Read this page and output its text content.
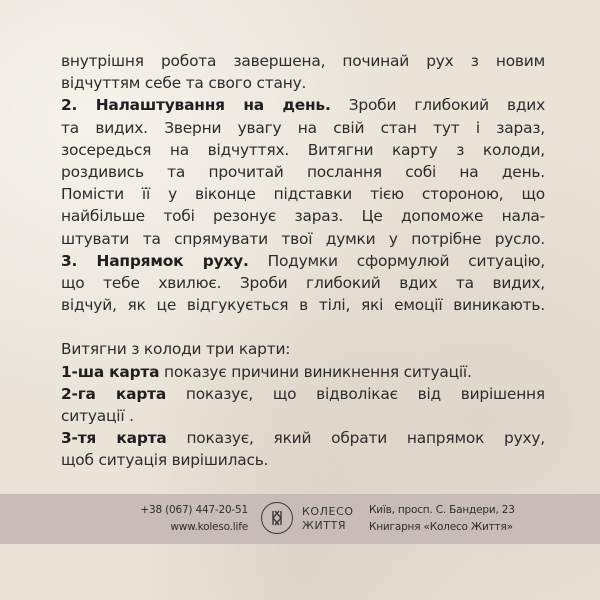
внутрішня робота завершена, починай рух з новим
відчуттям себе та свого стану.
2. Налаштування на день. Зроби глибокий вдих
та видих. Зверни увагу на свій стан тут і зараз,
зосередься на відчуттях. Витягни карту з колоди,
роздивись та прочитай послання собі на день.
Помісти її у віконце підставки тією стороною, що
найбільше тобі резонує зараз. Це допоможе нала-
штувати та спрямувати твої думки у потрібне русло.
3. Напрямок руху. Подумки сформулюй ситуацію,
що тебе хвилює. Зроби глибокий вдих та видих,
відчуй, як це відгукується в тілі, які емоції виникають.
Витягни з колоди три карти:
1-ша карта показує причини виникнення ситуації.
2-га карта показує, що відволікає від вирішення
ситуації .
3-тя карта показує, який обрати напрямок руху,
щоб ситуація вирішилась.
+38 (067) 447-20-51
www.koleso.life
КОЛЕСО
ЖИТТЯ
Київ, просп. С. Бандери, 23
Книгарня «Колесо Життя»
